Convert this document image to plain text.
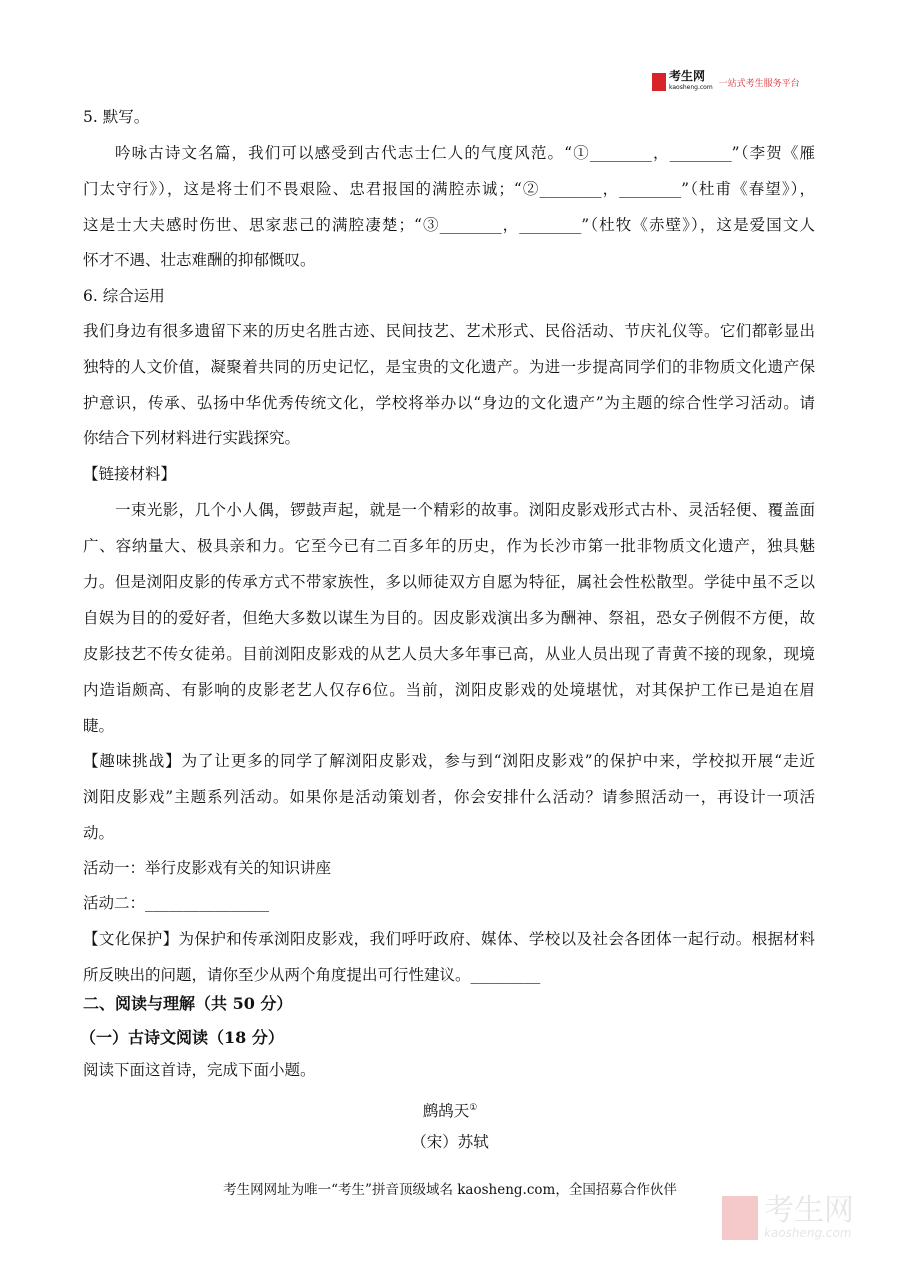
考生网
kaosheng.com 一站式考生服务平台
5. 默写。
吟咏古诗文名篇，我们可以感受到古代志士仁人的气度风范。“①________，________”（李贺《雁
门太守行》），这是将士们不畏艰险、忠君报国的满腔赤诚；“②________，________”（杜甫《春望》），
这是士大夫感时伤世、思家悲己的满腔凄楚；“③________，________”（杜牧《赤壁》），这是爱国文人
怀才不遇、壮志难酬的抑郁慨叹。
6. 综合运用
我们身边有很多遗留下来的历史名胜古迹、民间技艺、艺术形式、民俗活动、节庆礼仪等。它们都彰显出
独特的人文价值，凝聚着共同的历史记忆，是宝贵的文化遗产。为进一步提高同学们的非物质文化遗产保
护意识，传承、弘扬中华优秀传统文化，学校将举办以“身边的文化遗产”为主题的综合性学习活动。请
你结合下列材料进行实践探究。
【链接材料】
一束光影，几个小人偶，锣鼓声起，就是一个精彩的故事。浏阳皮影戏形式古朴、灵活轻便、覆盖面
广、容纳量大、极具亲和力。它至今已有二百多年的历史，作为长沙市第一批非物质文化遗产，独具魅
力。但是浏阳皮影的传承方式不带家族性，多以师徒双方自愿为特征，属社会性松散型。学徒中虽不乏以
自娱为目的的爱好者，但绝大多数以谋生为目的。因皮影戏演出多为酬神、祭祖，恐女子例假不方便，故
皮影技艺不传女徒弟。目前浏阳皮影戏的从艺人员大多年事已高，从业人员出现了青黄不接的现象，现境
内造诣颇高、有影响的皮影老艺人仅存6位。当前，浏阳皮影戏的处境堪忧，对其保护工作已是迫在眉
睫。
【趣味挑战】为了让更多的同学了解浏阳皮影戏，参与到“浏阳皮影戏”的保护中来，学校拟开展“走近
浏阳皮影戏”主题系列活动。如果你是活动策划者，你会安排什么活动？请参照活动一，再设计一项活
动。
活动一：举行皮影戏有关的知识讲座
活动二：________________
【文化保护】为保护和传承浏阳皮影戏，我们呼吁政府、媒体、学校以及社会各团体一起行动。根据材料
所反映出的问题，请你至少从两个角度提出可行性建议。_________
二、阅读与理解（共 50 分）
（一）古诗文阅读（18 分）
阅读下面这首诗，完成下面小题。
鹧鸪天①
（宋）苏轼
考生网网址为唯一“考生”拼音顶级域名 kaosheng.com，全国招募合作伙伴
考生网
kaosheng.com
